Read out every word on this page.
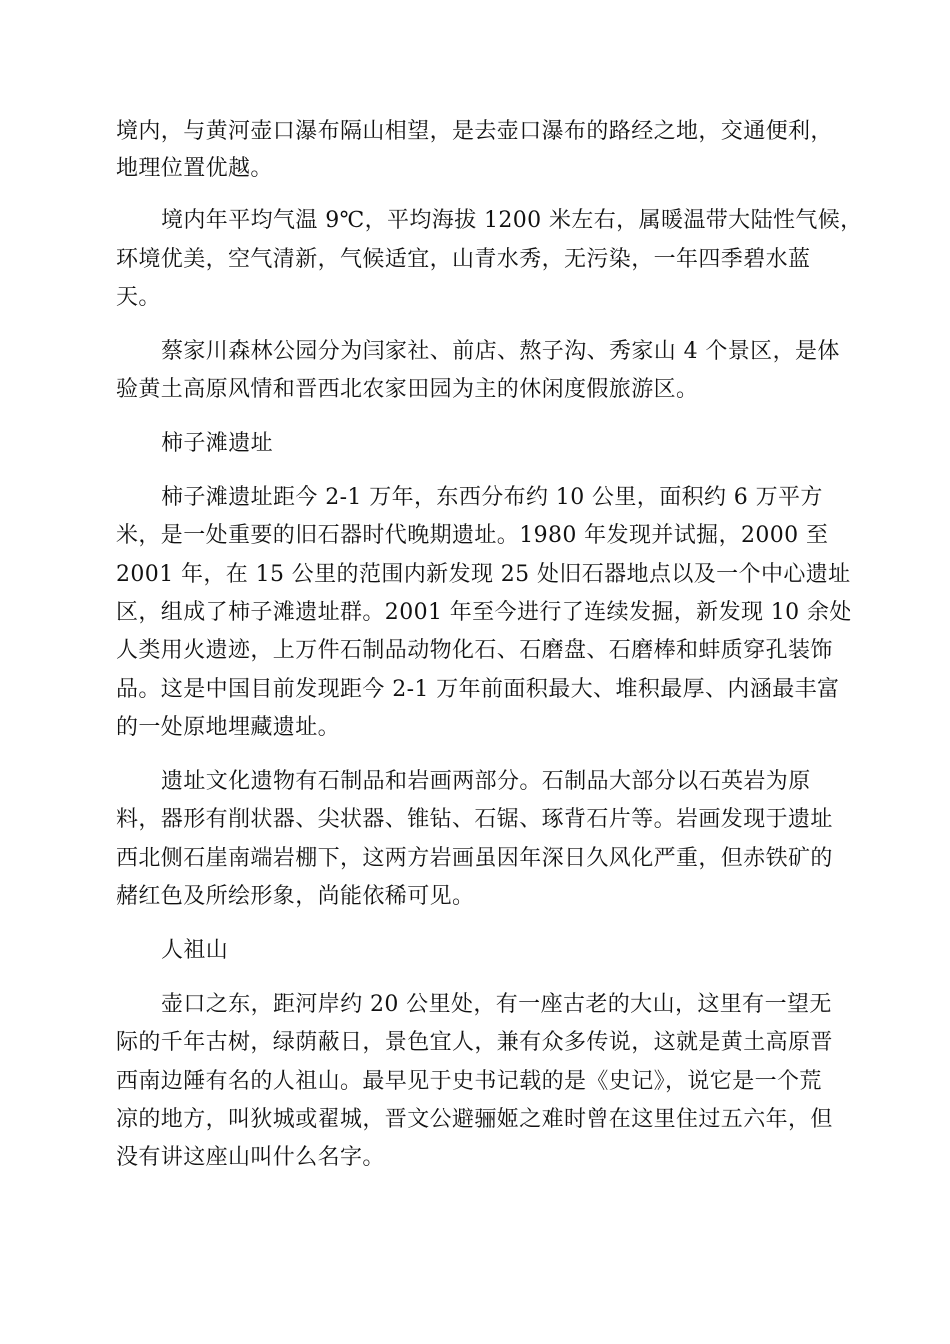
境内，与黄河壶口瀑布隔山相望，是去壶口瀑布的路经之地，交通便利，
地理位置优越。
境内年平均气温 9℃，平均海拔 1200 米左右，属暖温带大陆性气候，
环境优美，空气清新，气候适宜，山青水秀，无污染，一年四季碧水蓝
天。
蔡家川森林公园分为闫家社、前店、熬子沟、秀家山 4 个景区，是体
验黄土高原风情和晋西北农家田园为主的休闲度假旅游区。
柿子滩遗址
柿子滩遗址距今 2-1 万年，东西分布约 10 公里，面积约 6 万平方
米，是一处重要的旧石器时代晚期遗址。1980 年发现并试掘，2000 至
2001 年，在 15 公里的范围内新发现 25 处旧石器地点以及一个中心遗址
区，组成了柿子滩遗址群。2001 年至今进行了连续发掘，新发现 10 余处
人类用火遗迹，上万件石制品动物化石、石磨盘、石磨棒和蚌质穿孔装饰
品。这是中国目前发现距今 2-1 万年前面积最大、堆积最厚、内涵最丰富
的一处原地埋藏遗址。
遗址文化遗物有石制品和岩画两部分。石制品大部分以石英岩为原
料，器形有削状器、尖状器、锥钻、石锯、琢背石片等。岩画发现于遗址
西北侧石崖南端岩棚下，这两方岩画虽因年深日久风化严重，但赤铁矿的
赭红色及所绘形象，尚能依稀可见。
人祖山
壶口之东，距河岸约 20 公里处，有一座古老的大山，这里有一望无
际的千年古树，绿荫蔽日，景色宜人，兼有众多传说，这就是黄土高原晋
西南边陲有名的人祖山。最早见于史书记载的是《史记》，说它是一个荒
凉的地方，叫狄城或翟城，晋文公避骊姬之难时曾在这里住过五六年，但
没有讲这座山叫什么名字。
